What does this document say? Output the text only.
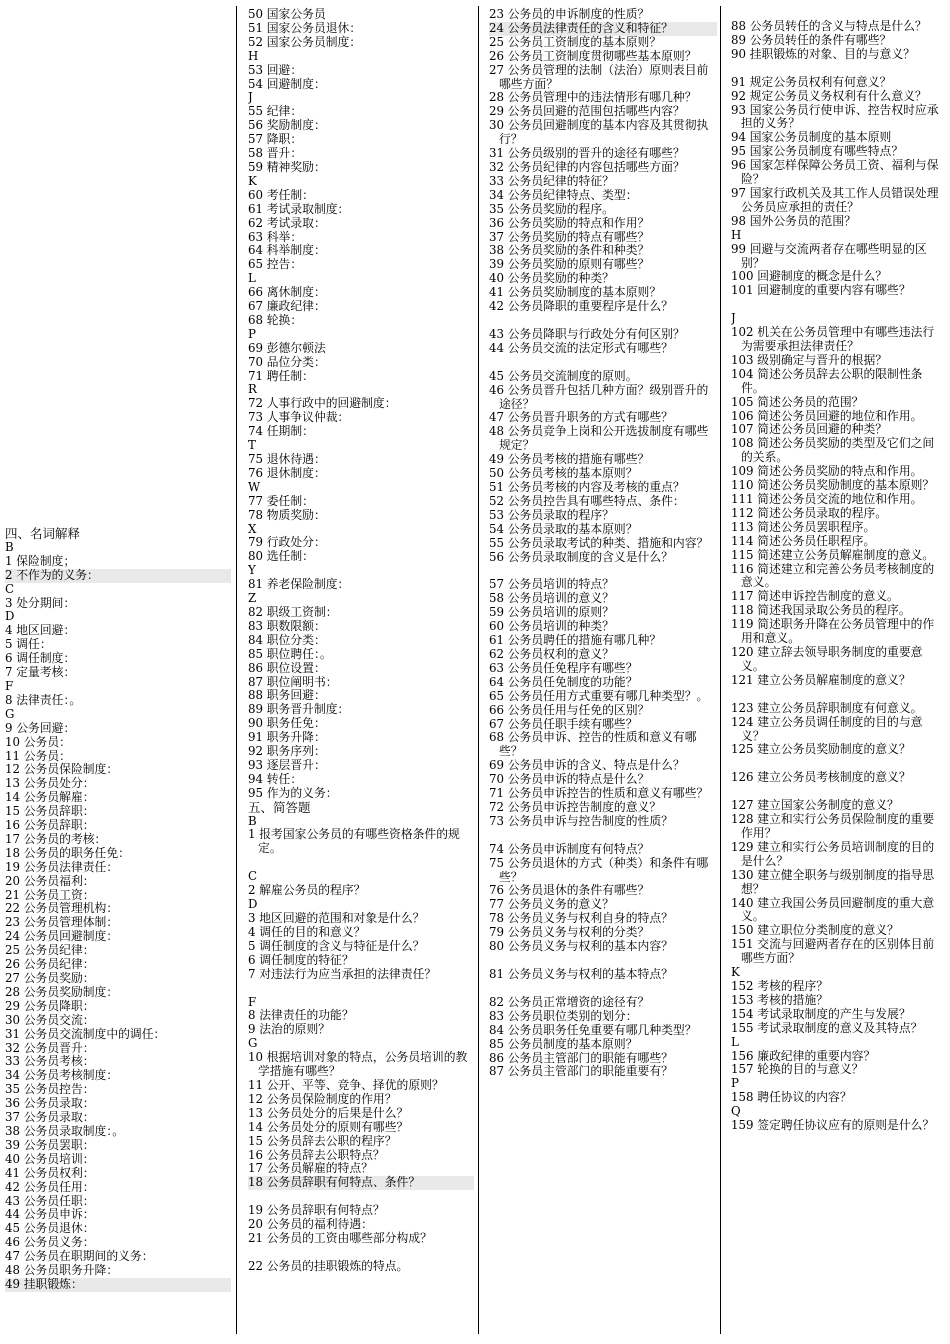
四、名词解释
B
1 保险制度；
2 不作为的义务：
C
3 处分期间：
D
4 地区回避：
5 调任：
6 调任制度：
7 定量考核：
F
8 法律责任：。
G
9 公务回避：
10 公务员：
11 公务员：
12 公务员保险制度：
13 公务员处分：
14 公务员解雇：
15 公务员辞职：
16 公务员辞职：
17 公务员的考核：
18 公务员的职务任免：
19 公务员法律责任：
20 公务员福利：
21 公务员工资：
22 公务员管理机构：
23 公务员管理体制：
24 公务员回避制度：
25 公务员纪律：
26 公务员纪律：
27 公务员奖励：
28 公务员奖励制度：
29 公务员降职：
30 公务员交流：
31 公务员交流制度中的调任：
32 公务员晋升：
33 公务员考核：
34 公务员考核制度：
35 公务员控告：
36 公务员录取：
37 公务员录取：
38 公务员录取制度：。
39 公务员罢职：
40 公务员培训：
41 公务员权利：
42 公务员任用：
43 公务员任职：
44 公务员申诉：
45 公务员退休：
46 公务员义务：
47 公务员在职期间的义务：
48 公务员职务升降：
49 挂职锻炼：
50 国家公务员
51 国家公务员退休：
52 国家公务员制度：
H
53 回避：
54 回避制度：
J
55 纪律：
56 奖励制度：
57 降职：
58 晋升：
59 精神奖励：
K
60 考任制：
61 考试录取制度：
62 考试录取：
63 科举：
64 科举制度：
65 控告：
L
66 离休制度：
67 廉政纪律：
68 轮换：
P
69 彭德尔顿法
70 品位分类：
71 聘任制：
R
72 人事行政中的回避制度：
73 人事争议仲裁：
74 任期制：
T
75 退休待遇：
76 退休制度：
W
77 委任制：
78 物质奖励：
X
79 行政处分：
80 选任制：
Y
81 养老保险制度：
Z
82 职级工资制：
83 职数限额：
84 职位分类：
85 职位聘任：。
86 职位设置：
87 职位阐明书：
88 职务回避：
89 职务晋升制度：
90 职务任免：
91 职务升降：
92 职务序列：
93 逐层晋升：
94 转任：
95 作为的义务：
五、简答题
B
1 报考国家公务员的有哪些资格条件的规定。
C
2 解雇公务员的程序？
D
3 地区回避的范围和对象是什么？
4 调任的目的和意义？
5 调任制度的含义与特征是什么？
6 调任制度的特征？
7 对违法行为应当承担的法律责任？
F
8 法律责任的功能？
9 法治的原则？
G
10 根据培训对象的特点，公务员培训的教学措施有哪些？
11 公开、平等、竞争、择优的原则？
12 公务员保险制度的作用？
13 公务员处分的后果是什么？
14 公务员处分的原则有哪些？
15 公务员辞去公职的程序？
16 公务员辞去公职特点？
17 公务员解雇的特点？
18 公务员辞职有何特点、条件？
19 公务员辞职有何特点？
20 公务员的福利待遇：
21 公务员的工资由哪些部分构成？
22 公务员的挂职锻炼的特点。
23 公务员的申诉制度的性质？
24 公务员法律责任的含义和特征？
25 公务员工资制度的基本原则？
26 公务员工资制度贯彻哪些基本原则？
27 公务员管理的法制（法治）原则表目前哪些方面？
28 公务员管理中的违法情形有哪几种？
29 公务员回避的范围包括哪些内容？
30 公务员回避制度的基本内容及其贯彻执行？
31 公务员级别的晋升的途径有哪些？
32 公务员纪律的内容包括哪些方面？
33 公务员纪律的特征？
34 公务员纪律特点、类型：
35 公务员奖励的程序。
36 公务员奖励的特点和作用？
37 公务员奖励的特点有哪些？
38 公务员奖励的条件和种类？
39 公务员奖励的原则有哪些？
40 公务员奖励的种类？
41 公务员奖励制度的基本原则？
42 公务员降职的重要程序是什么？
43 公务员降职与行政处分有何区别？
44 公务员交流的法定形式有哪些？
45 公务员交流制度的原则。
46 公务员晋升包括几种方面？级别晋升的途径？
47 公务员晋升职务的方式有哪些？
48 公务员竞争上岗和公开选拔制度有哪些规定？
49 公务员考核的措施有哪些？
50 公务员考核的基本原则？
51 公务员考核的内容及考核的重点？
52 公务员控告具有哪些特点、条件：
53 公务员录取的程序？
54 公务员录取的基本原则？
55 公务员录取考试的种类、措施和内容？
56 公务员录取制度的含义是什么？
57 公务员培训的特点？
58 公务员培训的意义？
59 公务员培训的原则？
60 公务员培训的种类？
61 公务员聘任的措施有哪几种？
62 公务员权利的意义？
63 公务员任免程序有哪些？
64 公务员任免制度的功能？
65 公务员任用方式重要有哪几种类型？。
66 公务员任用与任免的区别？
67 公务员任职手续有哪些？
68 公务员申诉、控告的性质和意义有哪些？
69 公务员申诉的含义、特点是什么？
70 公务员申诉的特点是什么？
71 公务员申诉控告的性质和意义有哪些？
72 公务员申诉控告制度的意义？
73 公务员申诉与控告制度的性质？
74 公务员申诉制度有何特点？
75 公务员退休的方式（种类）和条件有哪些？
76 公务员退休的条件有哪些？
77 公务员义务的意义？
78 公务员义务与权利自身的特点？
79 公务员义务与权利的分类？
80 公务员义务与权利的基本内容？
81 公务员义务与权利的基本特点？
82 公务员正常增资的途径有？
83 公务员职位类别的划分：
84 公务员职务任免重要有哪几种类型？
85 公务员制度的基本原则？
86 公务员主管部门的职能有哪些？
87 公务员主管部门的职能重要有？
88 公务员转任的含义与特点是什么？
89 公务员转任的条件有哪些？
90 挂职锻炼的对象、目的与意义？
91 规定公务员权利有何意义？
92 规定公务员义务权利有什么意义？
93 国家公务员行使申诉、控告权时应承担的义务？
94 国家公务员制度的基本原则
95 国家公务员制度有哪些特点？
96 国家怎样保障公务员工资、福利与保险？
97 国家行政机关及其工作人员错误处理公务员应承担的责任？
98 国外公务员的范围？
H
99 回避与交流两者存在哪些明显的区别？
100 回避制度的概念是什么？
101 回避制度的重要内容有哪些？
J
102 机关在公务员管理中有哪些违法行为需要承担法律责任？
103 级别确定与晋升的根据？
104 简述公务员辞去公职的限制性条件。
105 简述公务员的范围？
106 简述公务员回避的地位和作用。
107 简述公务员回避的种类？
108 简述公务员奖励的类型及它们之间的关系。
109 简述公务员奖励的特点和作用。
110 简述公务员奖励制度的基本原则？
111 简述公务员交流的地位和作用。
112 简述公务员录取的程序。
113 简述公务员罢职程序。
114 简述公务员任职程序。
115 简述建立公务员解雇制度的意义。
116 简述建立和完善公务员考核制度的意义。
117 简述申诉控告制度的意义。
118 简述我国录取公务员的程序。
119 简述职务升降在公务员管理中的作用和意义。
120 建立辞去领导职务制度的重要意义。
121 建立公务员解雇制度的意义？
123 建立公务员辞职制度有何意义。
124 建立公务员调任制度的目的与意义？
125 建立公务员奖励制度的意义？
126 建立公务员考核制度的意义？
127 建立国家公务制度的意义？
128 建立和实行公务员保险制度的重要作用？
129 建立和实行公务员培训制度的目的是什么？
130 建立健全职务与级别制度的指导思想？
140 建立我国公务员回避制度的重大意义。
150 建立职位分类制度的意义？
151 交流与回避两者存在的区别体目前哪些方面？
K
152 考核的程序？
153 考核的措施？
154 考试录取制度的产生与发展？
155 考试录取制度的意义及其特点？
L
156 廉政纪律的重要内容？
157 轮换的目的与意义？
P
158 聘任协议的内容？
Q
159 签定聘任协议应有的原则是什么？
